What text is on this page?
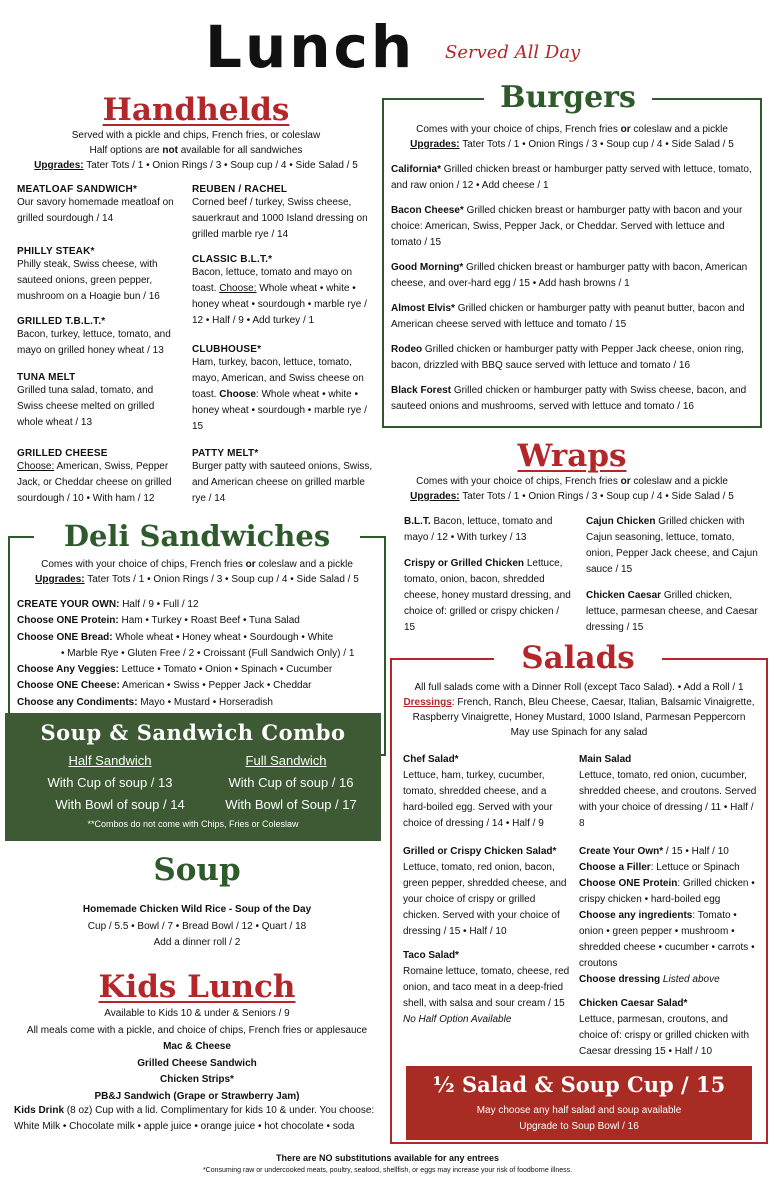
Lunch Served All Day
Handhelds

Served with a pickle and chips, French fries, or coleslaw

Half options are not available for all sandwiches

Upgrades: Tater Tots / 1 • Onion Rings / 3 • Soup cup / 4 • Side Salad / 5

MEATLOAF SANDWICH*
Our savory homemade meatloaf on grilled sourdough / 14
PHILLY STEAK*
Philly steak, Swiss cheese, with sauteed onions, green pepper, mushroom on a Hoagie bun / 16
GRILLED T.B.L.T.*
Bacon, turkey, lettuce, tomato, and mayo on grilled honey wheat / 13
TUNA MELT
Grilled tuna salad, tomato, and Swiss cheese melted on grilled whole wheat / 13
GRILLED CHEESE
Choose: American, Swiss, Pepper Jack, or Cheddar cheese on grilled sourdough / 10 • With ham / 12
REUBEN / RACHEL
Corned beef / turkey, Swiss cheese, sauerkraut and 1000 Island dressing on grilled marble rye / 14
CLASSIC B.L.T.*
Bacon, lettuce, tomato and mayo on toast. Choose: Whole wheat • white • honey wheat • sourdough • marble rye / 12 • Half / 9 • Add turkey / 1
CLUBHOUSE*
Ham, turkey, bacon, lettuce, tomato, mayo, American, and Swiss cheese on toast. Choose: Whole wheat • white • honey wheat • sourdough • marble rye / 15
PATTY MELT*
Burger patty with sauteed onions, Swiss, and American cheese on grilled marble rye / 14
Burgers

Comes with your choice of chips, French fries or coleslaw and a pickle

Upgrades: Tater Tots / 1 • Onion Rings / 3 • Soup cup / 4 • Side Salad / 5

California* Grilled chicken breast or hamburger patty served with lettuce, tomato, and raw onion / 12 • Add cheese / 1
Bacon Cheese* Grilled chicken breast or hamburger patty with bacon and your choice: American, Swiss, Pepper Jack, or Cheddar. Served with lettuce and tomato / 15
Good Morning* Grilled chicken breast or hamburger patty with bacon, American cheese, and over-hard egg / 15 • Add hash browns / 1
Almost Elvis* Grilled chicken or hamburger patty with peanut butter, bacon and American cheese served with lettuce and tomato / 15
Rodeo Grilled chicken or hamburger patty with Pepper Jack cheese, onion ring, bacon, drizzled with BBQ sauce served with lettuce and tomato / 16
Black Forest Grilled chicken or hamburger patty with Swiss cheese, bacon, and sauteed onions and mushrooms, served with lettuce and tomato / 16
Wraps

Comes with your choice of chips, French fries or coleslaw and a pickle

Upgrades: Tater Tots / 1 • Onion Rings / 3 • Soup cup / 4 • Side Salad / 5

B.L.T. Bacon, lettuce, tomato and mayo / 12 • With turkey / 13
Crispy or Grilled Chicken Lettuce, tomato, onion, bacon, shredded cheese, honey mustard dressing, and choice of: grilled or crispy chicken / 15
Cajun Chicken Grilled chicken with Cajun seasoning, lettuce, tomato, onion, Pepper Jack cheese, and Cajun sauce / 15
Chicken Caesar Grilled chicken, lettuce, parmesan cheese, and Caesar dressing / 15
Deli Sandwiches

Comes with your choice of chips, French fries or coleslaw and a pickle

Upgrades: Tater Tots / 1 • Onion Rings / 3 • Soup cup / 4 • Side Salad / 5

CREATE YOUR OWN: Half / 9 • Full / 12
Choose ONE Protein: Ham • Turkey • Roast Beef • Tuna Salad
Choose ONE Bread: Whole wheat • Honey wheat • Sourdough • White
• Marble Rye • Gluten Free / 2 • Croissant (Full Sandwich Only) / 1
Choose Any Veggies: Lettuce • Tomato • Onion • Spinach • Cucumber
Choose ONE Cheese: American • Swiss • Pepper Jack • Cheddar
Choose any Condiments: Mayo • Mustard • Horseradish
Soup & Sandwich Combo
Half Sandwich	Full Sandwich
With Cup of soup / 13
With Bowl of soup / 14
With Cup of soup / 16
With Bowl of Soup / 17
**Combos do not come with Chips, Fries or Coleslaw
Soup

Homemade Chicken Wild Rice - Soup of the Day

Cup / 5.5 • Bowl / 7 • Bread Bowl / 12 • Quart / 18

Add a dinner roll / 2

Kids Lunch

Available to Kids 10 & under & Seniors / 9

All meals come with a pickle, and choice of chips, French fries or applesauce

Mac & Cheese

Grilled Cheese Sandwich

Chicken Strips*

PB&J Sandwich (Grape or Strawberry Jam)

Kids Drink (8 oz) Cup with a lid. Complimentary for kids 10 & under. You choose: White Milk • Chocolate milk • apple juice • orange juice • hot chocolate • soda
Salads

All full salads come with a Dinner Roll (except Taco Salad). • Add a Roll / 1

Dressings: French, Ranch, Bleu Cheese, Caesar, Italian, Balsamic Vinaigrette, Raspberry Vinaigrette, Honey Mustard, 1000 Island, Parmesan Peppercorn

May use Spinach for any salad

Chef Salad*
Lettuce, ham, turkey, cucumber, tomato, shredded cheese, and a hard-boiled egg. Served with your choice of dressing / 14 • Half / 9
Grilled or Crispy Chicken Salad*
Lettuce, tomato, red onion, bacon, green pepper, shredded cheese, and your choice of crispy or grilled chicken. Served with your choice of dressing / 15 • Half / 10
Taco Salad*
Romaine lettuce, tomato, cheese, red onion, and taco meat in a deep-fried shell, with salsa and sour cream / 15
No Half Option Available
Main Salad
Lettuce, tomato, red onion, cucumber, shredded cheese, and croutons. Served with your choice of dressing / 11 • Half / 8
Create Your Own* / 15 • Half / 10
Choose a Filler: Lettuce or Spinach
Choose ONE Protein: Grilled chicken • crispy chicken • hard-boiled egg
Choose any ingredients: Tomato • onion • green pepper • mushroom • shredded cheese • cucumber • carrots • croutons
Choose dressing Listed above
Chicken Caesar Salad*
Lettuce, parmesan, croutons, and choice of: crispy or grilled chicken with Caesar dressing 15 • Half / 10
½ Salad & Soup Cup / 15
May choose any half salad and soup available
Upgrade to Soup Bowl / 16
There are NO substitutions available for any entrees
*Consuming raw or undercooked meats, poultry, seafood, shellfish, or eggs may increase your risk of foodborne illness.
